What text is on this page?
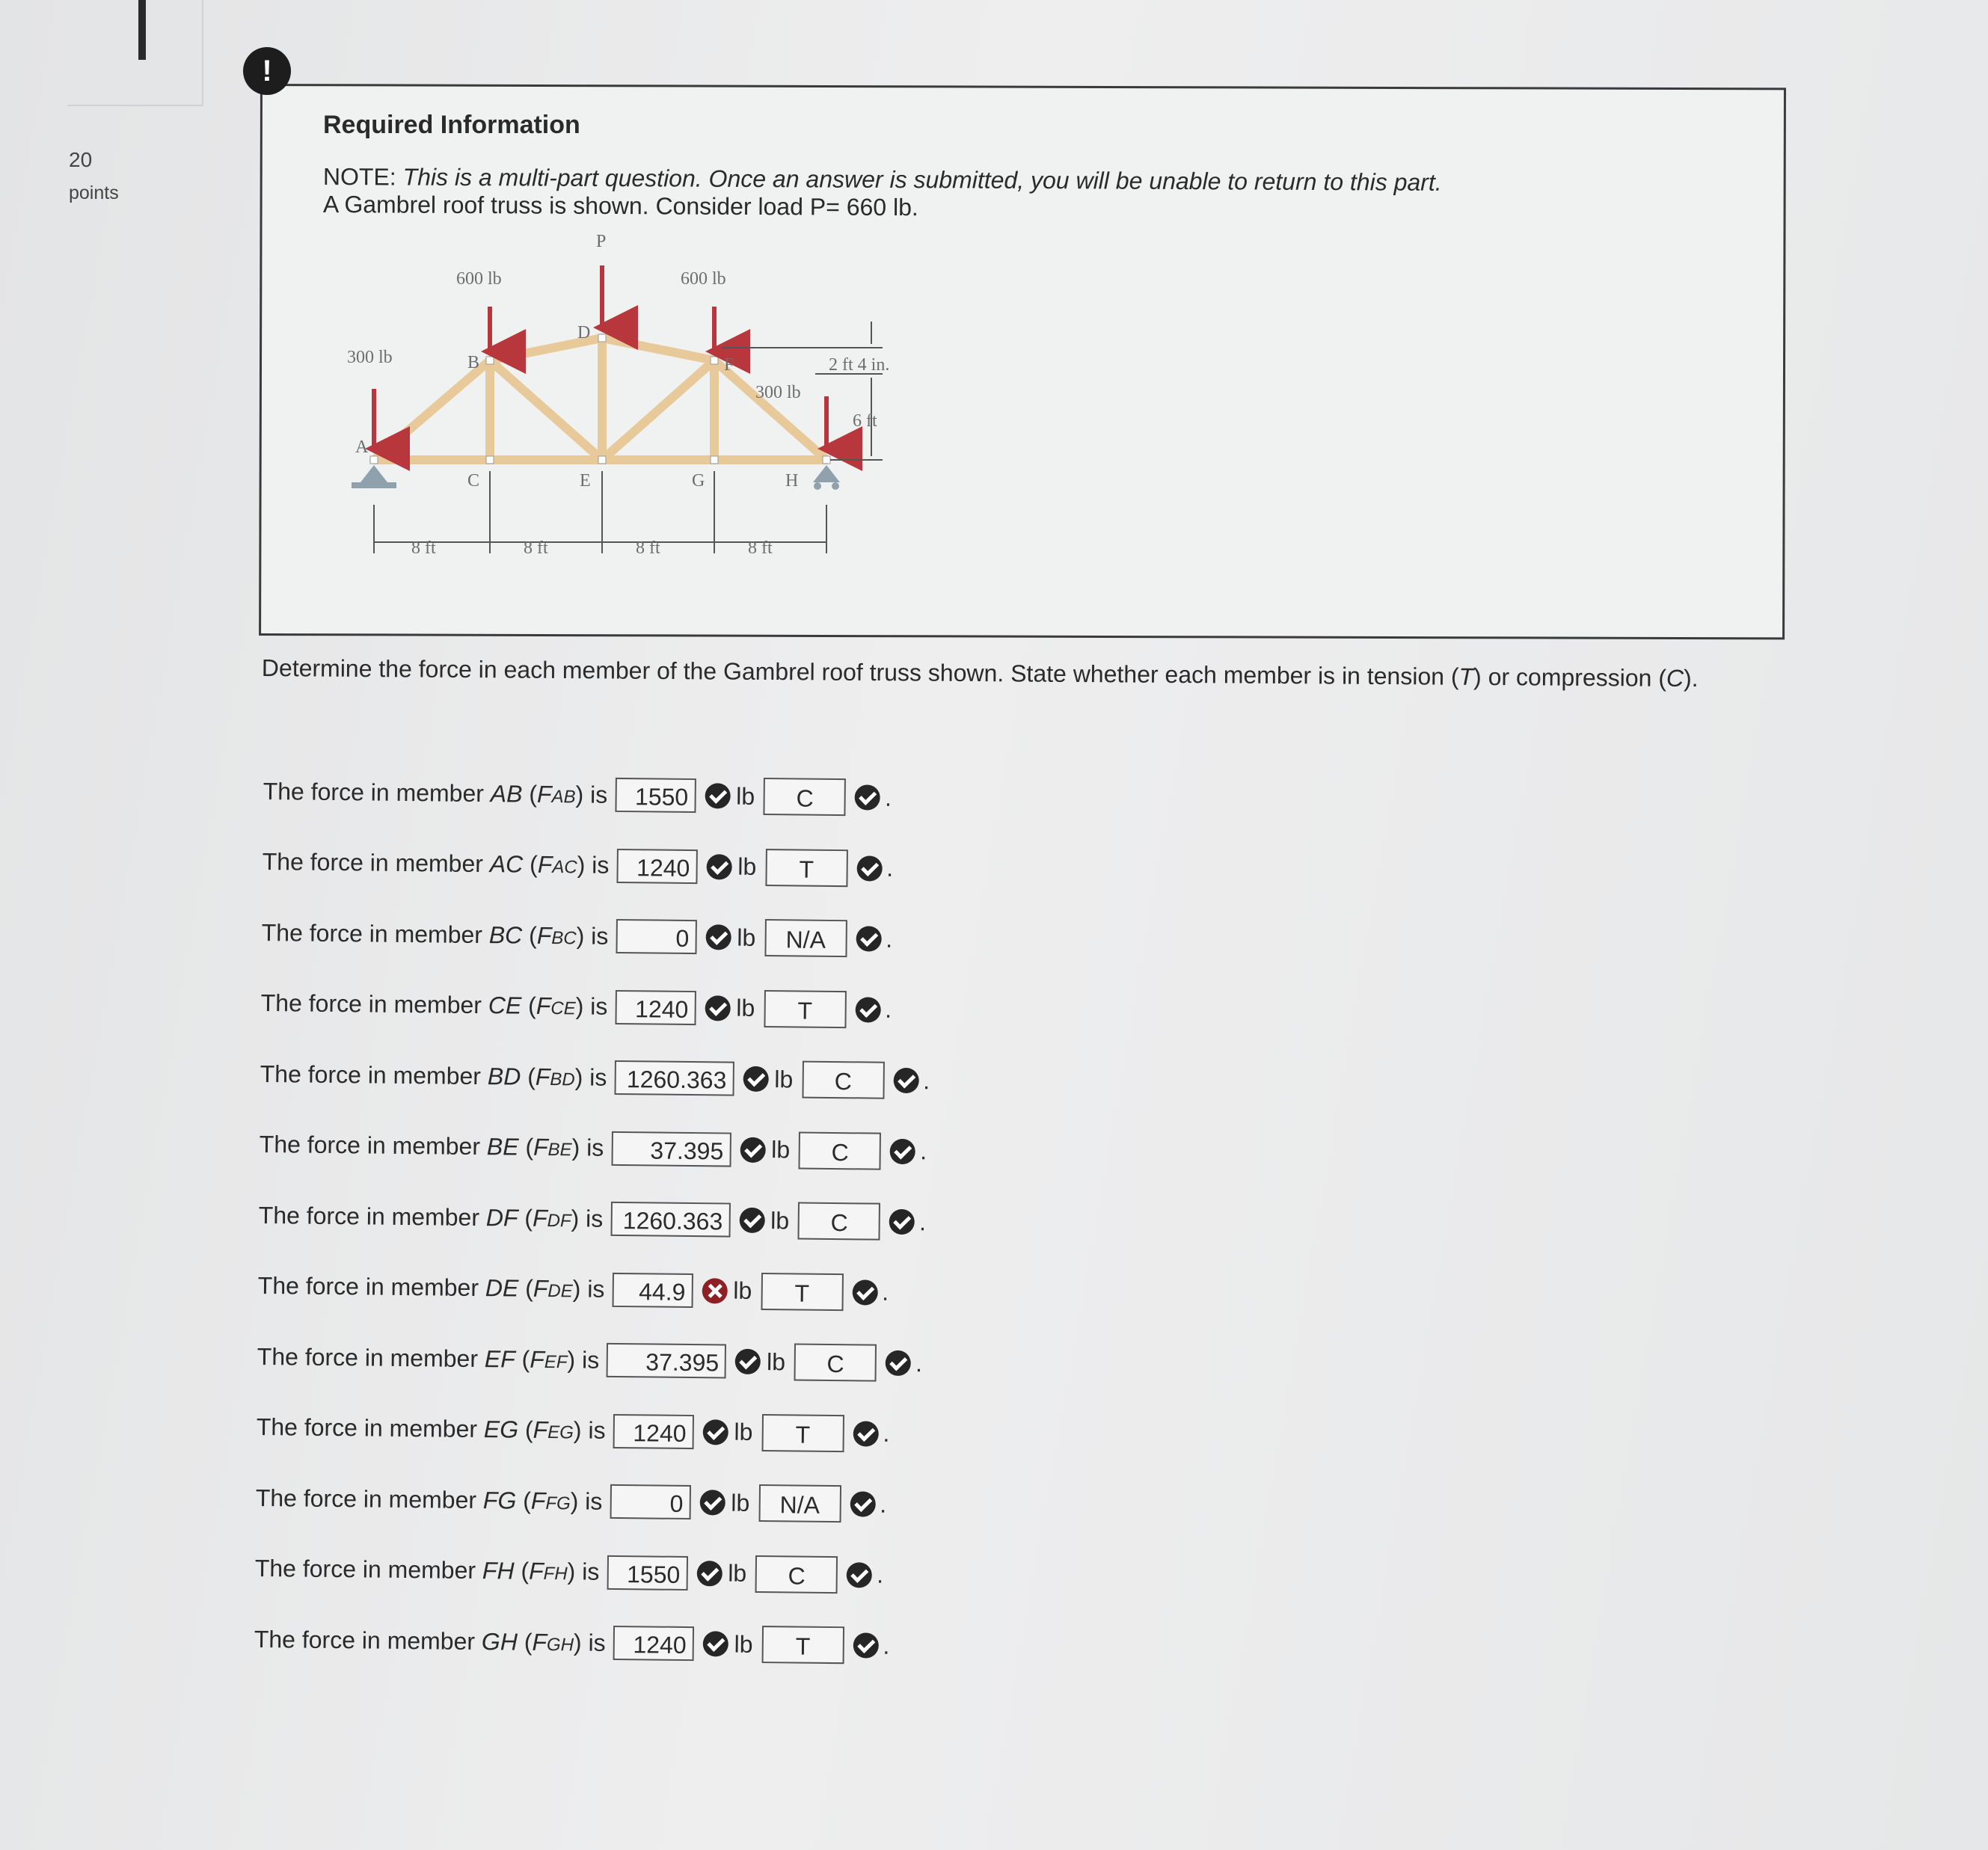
20
points
!
Required Information
NOTE: This is a multi-part question. Once an answer is submitted, you will be unable to return to this part.
A Gambrel roof truss is shown. Consider load P= 660 lb.
P
600 lb	600 lb
300 lb
300 lb
A
B
C
D
E
F
G	H
2 ft 4 in.
6 ft
8 ft	8 ft	8 ft	8 ft
Determine the force in each member of the Gambrel roof truss shown. State whether each member is in tension (T) or compression (C).
The force in member
AB ( F AB ) is	1550	lb	C	.
The force in member
AC ( F AC ) is	1240	lb	T	.
The force in member
BC ( F BC ) is	0	lb	N/A	.
The force in member
CE ( F CE ) is	1240	lb	T	.
The force in member
BD ( F BD ) is 1260.363	lb	C	.
The force in member
BE ( F BE ) is	37.395	lb	C	.
The force in member
DF ( F DF ) is 1260.363	lb	C	.
The force in member
DE ( F DE ) is	44.9	lb	T	.
The force in member
EF ( F EF ) is	37.395	lb	C	.
The force in member
EG ( F EG ) is	1240	lb	T	.
The force in member
FG ( F FG ) is	0	lb	N/A	.
The force in member
FH ( F FH ) is	1550	lb	C	.
The force in member
GH ( F GH ) is	1240	lb	T	.
